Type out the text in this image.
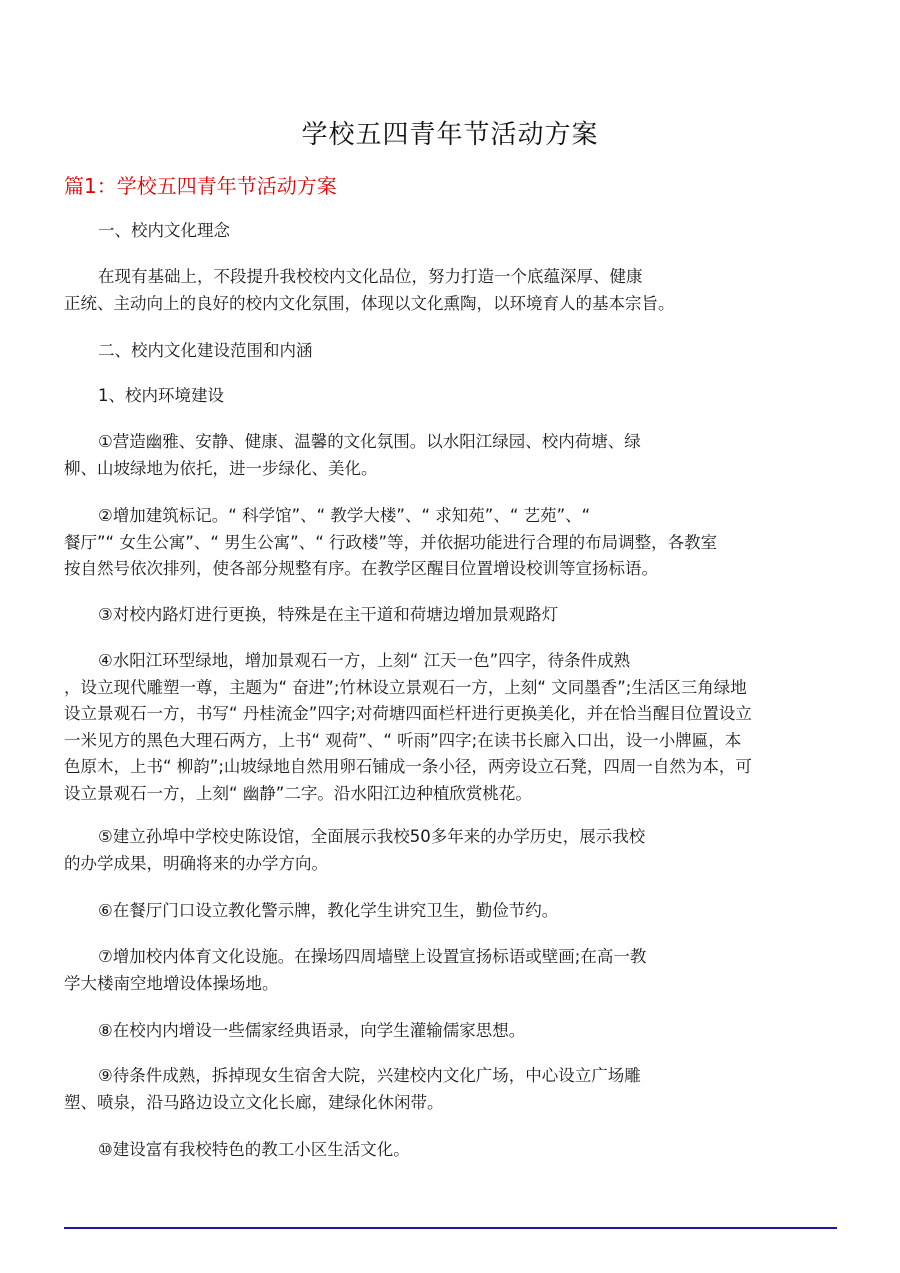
学校五四青年节活动方案
篇1：学校五四青年节活动方案
一、校内文化理念
在现有基础上，不段提升我校校内文化品位，努力打造一个底蕴深厚、健康
正统、主动向上的良好的校内文化氛围，体现以文化熏陶，以环境育人的基本宗旨。
二、校内文化建设范围和内涵
1、校内环境建设
①营造幽雅、安静、健康、温馨的文化氛围。以水阳江绿园、校内荷塘、绿
柳、山坡绿地为依托，进一步绿化、美化。
②增加建筑标记。“ 科学馆”、“ 教学大楼”、“ 求知苑”、“ 艺苑”、“
餐厅”“ 女生公寓”、“ 男生公寓”、“ 行政楼”等，并依据功能进行合理的布局调整，各教室
按自然号依次排列，使各部分规整有序。在教学区醒目位置增设校训等宣扬标语。
③对校内路灯进行更换，特殊是在主干道和荷塘边增加景观路灯
④水阳江环型绿地，增加景观石一方，上刻“ 江天一色”四字，待条件成熟
，设立现代雕塑一尊，主题为“ 奋进”;竹林设立景观石一方，上刻“ 文同墨香”;生活区三角绿地
设立景观石一方，书写“ 丹桂流金”四字;对荷塘四面栏杆进行更换美化，并在恰当醒目位置设立
一米见方的黑色大理石两方，上书“ 观荷”、“ 听雨”四字;在读书长廊入口出，设一小牌匾，本
色原木，上书“ 柳韵”;山坡绿地自然用卵石铺成一条小径，两旁设立石凳，四周一自然为本，可
设立景观石一方，上刻“ 幽静”二字。沿水阳江边种植欣赏桃花。
⑤建立孙埠中学校史陈设馆，全面展示我校50多年来的办学历史，展示我校
的办学成果，明确将来的办学方向。
⑥在餐厅门口设立教化警示牌，教化学生讲究卫生，勤俭节约。
⑦增加校内体育文化设施。在操场四周墙壁上设置宣扬标语或壁画;在高一教
学大楼南空地增设体操场地。
⑧在校内内增设一些儒家经典语录，向学生灌输儒家思想。
⑨待条件成熟，拆掉现女生宿舍大院，兴建校内文化广场，中心设立广场雕
塑、喷泉，沿马路边设立文化长廊，建绿化休闲带。
⑩建设富有我校特色的教工小区生活文化。
